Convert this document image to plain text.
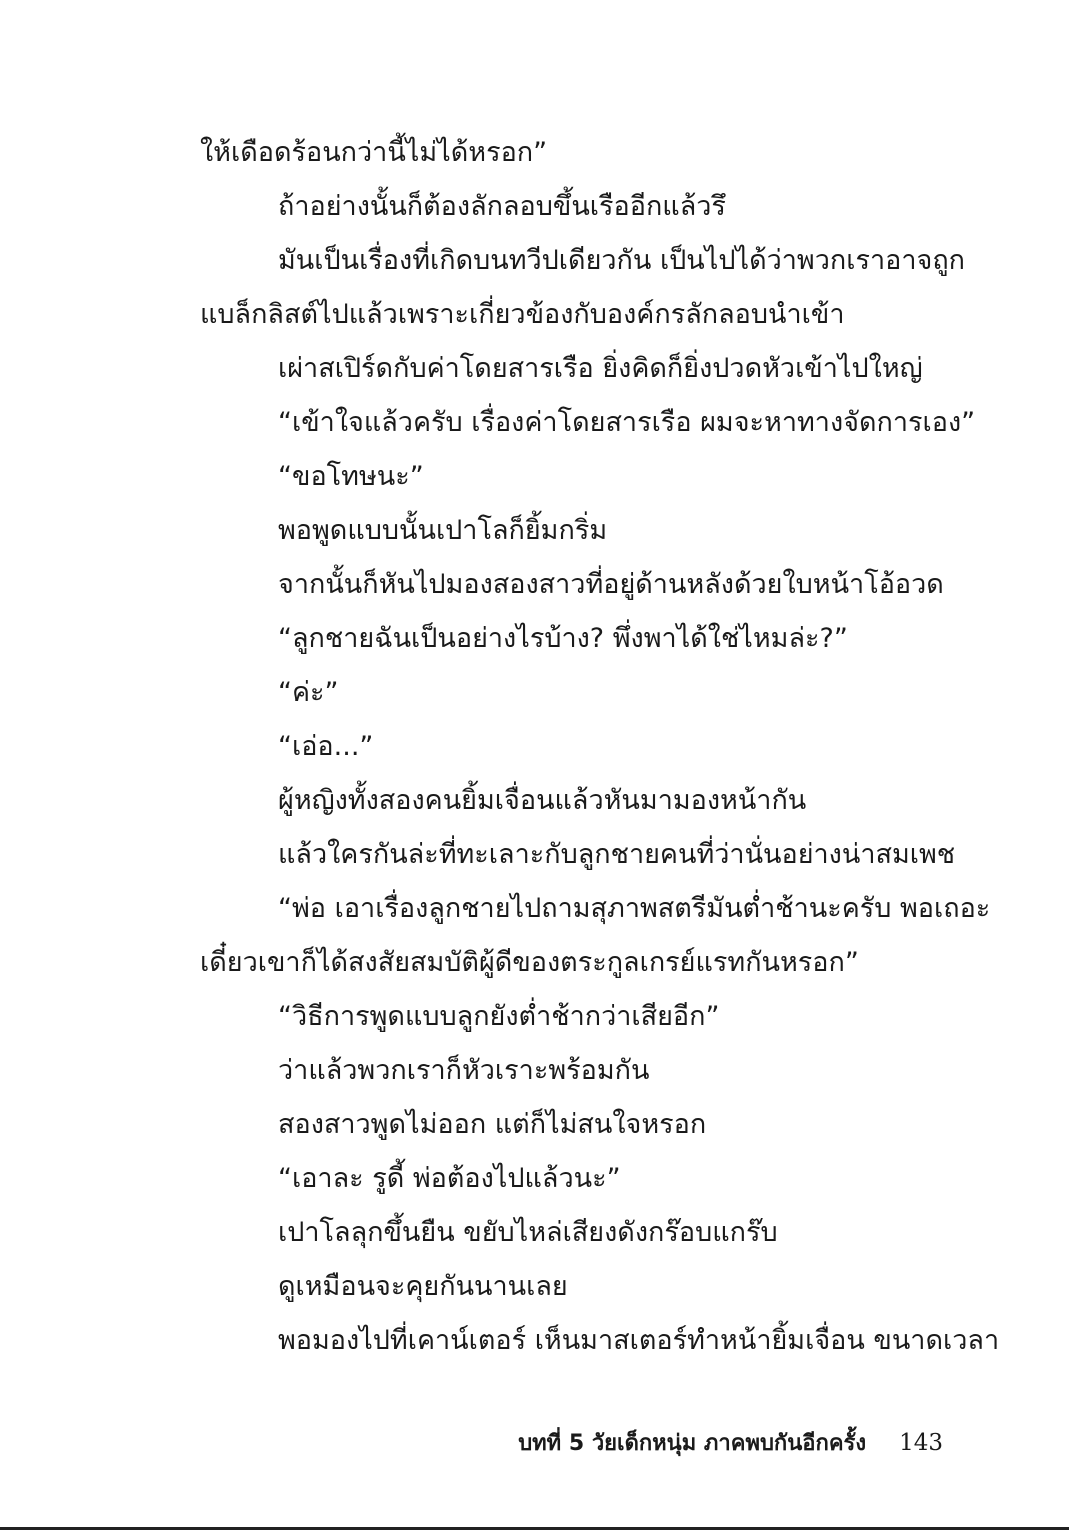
ให้เดือดร้อนกว่านี้ไม่ได้หรอก”
ถ้าอย่างนั้นก็ต้องลักลอบขึ้นเรืออีกแล้วรึ
มันเป็นเรื่องที่เกิดบนทวีปเดียวกัน เป็นไปได้ว่าพวกเราอาจถูก
แบล็กลิสต์ไปแล้วเพราะเกี่ยวข้องกับองค์กรลักลอบนำเข้า
เผ่าสเปิร์ดกับค่าโดยสารเรือ ยิ่งคิดก็ยิ่งปวดหัวเข้าไปใหญ่
“เข้าใจแล้วครับ เรื่องค่าโดยสารเรือ ผมจะหาทางจัดการเอง”
“ขอโทษนะ”
พอพูดแบบนั้นเปาโลก็ยิ้มกริ่ม
จากนั้นก็หันไปมองสองสาวที่อยู่ด้านหลังด้วยใบหน้าโอ้อวด
“ลูกชายฉันเป็นอย่างไรบ้าง? พึ่งพาได้ใช่ไหมล่ะ?”
“ค่ะ”
“เอ่อ...”
ผู้หญิงทั้งสองคนยิ้มเจื่อนแล้วหันมามองหน้ากัน
แล้วใครกันล่ะที่ทะเลาะกับลูกชายคนที่ว่านั่นอย่างน่าสมเพช
“พ่อ เอาเรื่องลูกชายไปถามสุภาพสตรีมันต่ำช้านะครับ พอเถอะ
เดี๋ยวเขาก็ได้สงสัยสมบัติผู้ดีของตระกูลเกรย์แรทกันหรอก”
“วิธีการพูดแบบลูกยังต่ำช้ากว่าเสียอีก”
ว่าแล้วพวกเราก็หัวเราะพร้อมกัน
สองสาวพูดไม่ออก แต่ก็ไม่สนใจหรอก
“เอาละ รูดี้ พ่อต้องไปแล้วนะ”
เปาโลลุกขึ้นยืน ขยับไหล่เสียงดังกร๊อบแกร๊บ
ดูเหมือนจะคุยกันนานเลย
พอมองไปที่เคาน์เตอร์ เห็นมาสเตอร์ทำหน้ายิ้มเจื่อน ขนาดเวลา
บทที่ 5 วัยเด็กหนุ่ม ภาคพบกันอีกครั้ง 143
